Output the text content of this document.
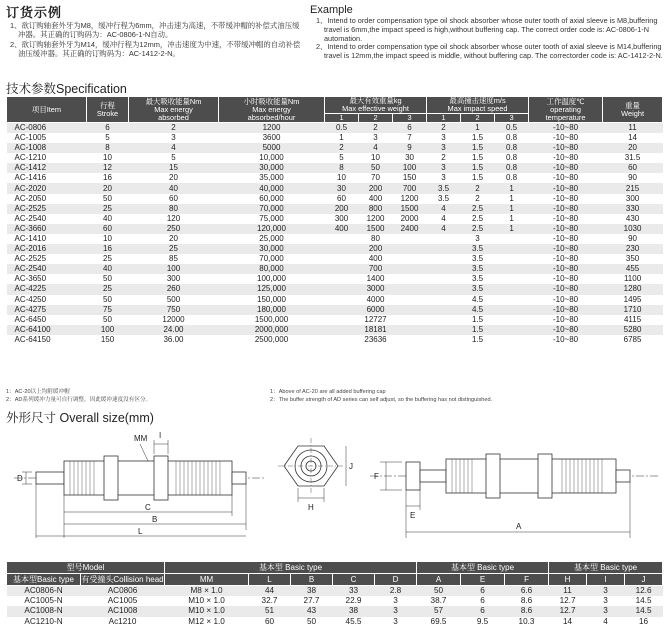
订货示例

1、欲订购轴套外牙为M8，缓冲行程为6mm，冲击速为高速，不带缓冲帽的补偿式油压缓冲器。其正确的订购码为：AC-0806-1-N自动。

2、欲订购轴套外牙为M14，缓冲行程为12mm，冲击速度为中速，不带缓冲帽的自动补偿油压缓冲器。其正确的订购码为：AC-1412-2-N。

Example

1、Intend to order compensation type oil shock absorber whose outer tooth of axial sleeve is M8,buffering travel is 6mm,the impact speed is high,without buffering cap. The correct order code is: AC-0806-1-N automation.

2、Intend to order compensation type oil shock absorber whose outer tooth of axial sleeve is M14,buffering travel is 12mm,the impact speed is middle, without buffering cap. The correctorder code is: AC-1412-2-N.

技术参数Specification
项目Item	行程
Stroke	最大吸收能量Nm
Max energy
absorbed	小时吸收能量Nm
Max energy
absorbed/hour	最大有效重量kg
Max effective weight			最高撞击速度m/s
Max impact speed			工作温度℃
operating
temperature	重量
Weight
				1	2	3	1	2	3		
AC-0806	6	2	1200	0.5	2	6	2	1	0.5	-10~80	11
AC-1005	5	3	3600	1	3	7	3	1.5	0.8	-10~80	14
AC-1008	8	4	5000	2	4	9	3	1.5	0.8	-10~80	20
AC-1210	10	5	10,000	5	10	30	2	1.5	0.8	-10~80	31.5
AC-1412	12	15	30,000	8	50	100	3	1.5	0.8	-10~80	60
AC-1416	16	20	35,000	10	70	150	3	1.5	0.8	-10~80	90
AC-2020	20	40	40,000	30	200	700	3.5	2	1	-10~80	215
AC-2050	50	60	60,000	60	400	1200	3.5	2	1	-10~80	300
AC-2525	25	80	70,000	200	800	1500	4	2.5	1	-10~80	330
AC-2540	40	120	75,000	300	1200	2000	4	2.5	1	-10~80	430
AC-3660	60	250	120,000	400	1500	2400	4	2.5	1	-10~80	1030
AC-1410	10	20	25,000		80			3		-10~80	90
AC-2016	16	25	30,000		200			3.5		-10~80	230
AC-2525	25	85	70,000		400			3.5		-10~80	350
AC-2540	40	100	80,000		700			3.5		-10~80	455
AC-3650	50	300	100,000		1400			3.5		-10~80	1100
AC-4225	25	260	125,000		3000			3.5		-10~80	1280
AC-4250	50	500	150,000		4000			4.5		-10~80	1495
AC-4275	75	750	180,000		6000			4.5		-10~80	1710
AC-6450	50	12000	1500,000		12727			1.5		-10~80	4115
AC-64100	100	24.00	2000,000		18181			1.5		-10~80	5280
AC-64150	150	36.00	2500,000		23636			1.5		-10~80	6785
1：AC-20以上均附缓冲帽
2：AD系列缓冲力量可自行调整，因此缓冲速度没有区分。
1：Above of AC-20 are all added buffering cap
2：The buffer strength of AD series can self adjust, so the buffering has not distinguished.
外形尺寸 Overall size(mm)
D
MM I
C
B
L
J
H
F
E
A
型号Model		基本型 Basic type					基本型 Basic type			基本型 Basic type		
基本型Basic type	有受撞头Collision head	MM	L	B	C	D	A	E	F	H	I	J
AC0806-N	AC0806	M8 × 1.0	44	38	33	2.8	50	6	6.6	11	3	12.6
AC1005-N	AC1005	M10 × 1.0	32.7	27.7	22.9	3	38.7	6	8.6	12.7	3	14.5
AC1008-N	AC1008	M10 × 1.0	51	43	38	3	57	6	8.6	12.7	3	14.5
AC1210-N	Ac1210	M12 × 1.0	60	50	45.5	3	69.5	9.5	10.3	14	4	16
